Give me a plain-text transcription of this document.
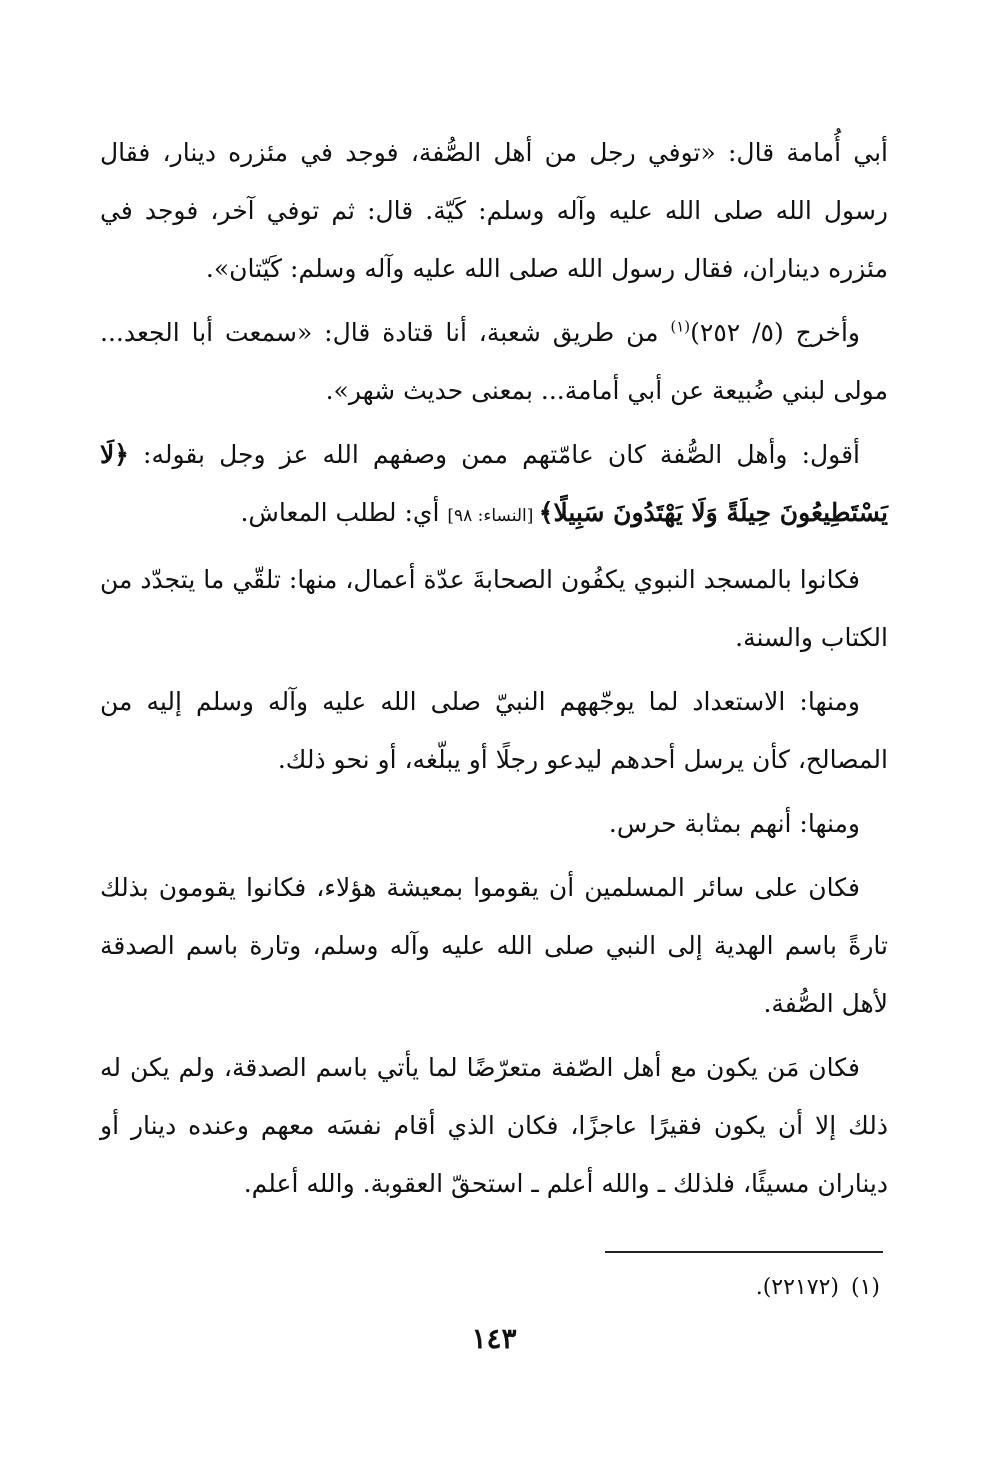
أبي أُمامة قال: «توفي رجل من أهل الصُّفة، فوجد في مئزره دينار، فقال رسول الله صلى الله عليه وآله وسلم: كَيّة. قال: ثم توفي آخر، فوجد في مئزره ديناران، فقال رسول الله صلى الله عليه وآله وسلم: كَيّتان».

وأخرج (٥/ ٢٥٢)$^{(١)}$ من طريق شعبة، أنا قتادة قال: «سمعت أبا الجعد... مولى لبني ضُبيعة عن أبي أمامة... بمعنى حديث شهر».

أقول: وأهل الصُّفة كان عامّتهم ممن وصفهم الله عز وجل بقوله: ﴿لَا يَسْتَطِيعُونَ حِيلَةً وَلَا يَهْتَدُونَ سَبِيلًا﴾ [النساء: ٩٨] أي: لطلب المعاش.

فكانوا بالمسجد النبوي يكفُون الصحابةَ عدّة أعمال، منها: تلقّي ما يتجدّد من الكتاب والسنة.

ومنها: الاستعداد لما يوجّههم النبيّ صلى الله عليه وآله وسلم إليه من المصالح، كأن يرسل أحدهم ليدعو رجلًا أو يبلّغه، أو نحو ذلك.

ومنها: أنهم بمثابة حرس.

فكان على سائر المسلمين أن يقوموا بمعيشة هؤلاء، فكانوا يقومون بذلك تارةً باسم الهدية إلى النبي صلى الله عليه وآله وسلم، وتارة باسم الصدقة لأهل الصُّفة.

فكان مَن يكون مع أهل الصّفة متعرّضًا لما يأتي باسم الصدقة، ولم يكن له ذلك إلا أن يكون فقيرًا عاجزًا، فكان الذي أقام نفسَه معهم وعنده دينار أو ديناران مسيئًا، فلذلك ـ والله أعلم ـ استحقّ العقوبة. والله أعلم.

(١)(٢٢١٧٢).
١٤٣
